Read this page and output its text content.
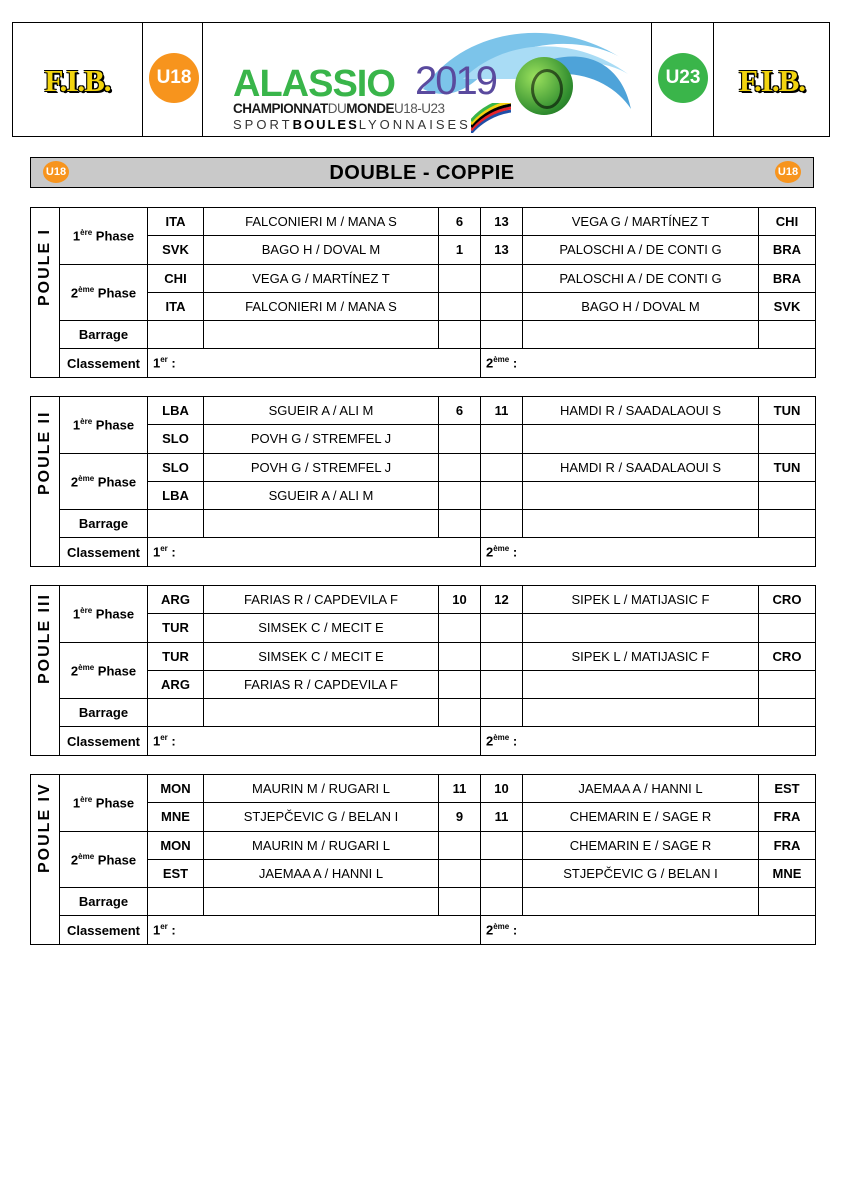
F.I.B.	U18 ALASSIO 2019
CHAMPIONNATDUMONDEU18-U23
SPORTBOULESLYONNAISES
U23	F.I.B.
U18	DOUBLE - COPPIE	U18
POULE I	1ère Phase	ITA	FALCONIERI M / MANA S	6	13	VEGA G / MARTÍNEZ T	CHI
		SVK	BAGO H / DOVAL M	1	13	PALOSCHI A / DE CONTI G	BRA
	2ème Phase	CHI	VEGA G / MARTÍNEZ T			PALOSCHI A / DE CONTI G	BRA
		ITA	FALCONIERI M / MANA S			BAGO H / DOVAL M	SVK
	Barrage						
	Classement	1er :			2ème :		
POULE II	1ère Phase	LBA	SGUEIR A / ALI M	6	11	HAMDI R / SAADALAOUI S	TUN
		SLO	POVH G / STREMFEL J				
	2ème Phase	SLO	POVH G / STREMFEL J			HAMDI R / SAADALAOUI S	TUN
		LBA	SGUEIR A / ALI M				
	Barrage						
	Classement	1er :			2ème :		
POULE III	1ère Phase	ARG	FARIAS R / CAPDEVILA F	10	12	SIPEK L / MATIJASIC F	CRO
		TUR	SIMSEK C / MECIT E				
	2ème Phase	TUR	SIMSEK C / MECIT E			SIPEK L / MATIJASIC F	CRO
		ARG	FARIAS R / CAPDEVILA F				
	Barrage						
	Classement	1er :			2ème :		
POULE IV	1ère Phase	MON	MAURIN M / RUGARI L	11	10	JAEMAA A / HANNI L	EST
		MNE	STJEPČEVIC G / BELAN I	9	11	CHEMARIN E / SAGE R	FRA
	2ème Phase	MON	MAURIN M / RUGARI L			CHEMARIN E / SAGE R	FRA
		EST	JAEMAA A / HANNI L			STJEPČEVIC G / BELAN I	MNE
	Barrage						
	Classement	1er :			2ème :		
